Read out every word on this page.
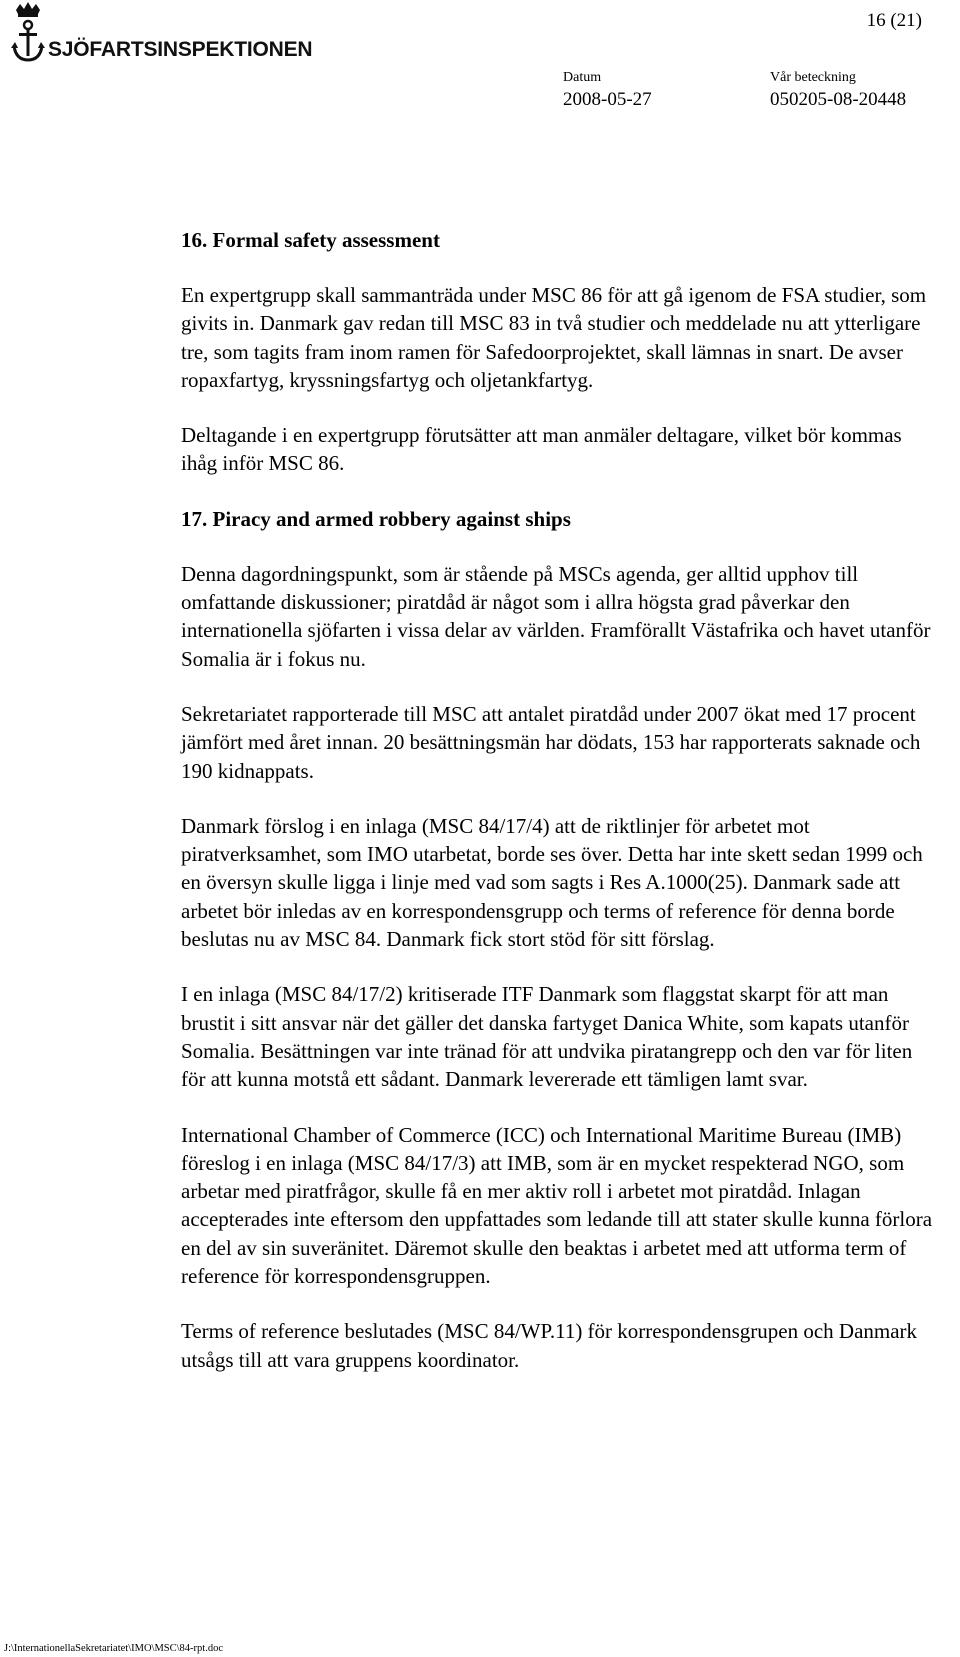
SJÖFARTSINSPEKTIONEN
16 (21)
Datum
2008-05-27
Vår beteckning
050205-08-20448
16. Formal safety assessment

En expertgrupp skall sammanträda under MSC 86 för att gå igenom de FSA studier, som givits in. Danmark gav redan till MSC 83 in två studier och meddelade nu att ytterligare tre, som tagits fram inom ramen för Safedoorprojektet, skall lämnas in snart. De avser ropaxfartyg, kryssningsfartyg och oljetankfartyg.

Deltagande i en expertgrupp förutsätter att man anmäler deltagare, vilket bör kommas ihåg inför MSC 86.

17. Piracy and armed robbery against ships

Denna dagordningspunkt, som är stående på MSCs agenda, ger alltid upphov till omfattande diskussioner; piratdåd är något som i allra högsta grad påverkar den internationella sjöfarten i vissa delar av världen. Framförallt Västafrika och havet utanför Somalia är i fokus nu.

Sekretariatet rapporterade till MSC att antalet piratdåd under 2007 ökat med 17 procent jämfört med året innan. 20 besättningsmän har dödats, 153 har rapporterats saknade och 190 kidnappats.

Danmark förslog i en inlaga (MSC 84/17/4) att de riktlinjer för arbetet mot piratverksamhet, som IMO utarbetat, borde ses över. Detta har inte skett sedan 1999 och en översyn skulle ligga i linje med vad som sagts i Res A.1000(25). Danmark sade att arbetet bör inledas av en korrespondensgrupp och terms of reference för denna borde beslutas nu av MSC 84. Danmark fick stort stöd för sitt förslag.

I en inlaga (MSC 84/17/2) kritiserade ITF Danmark som flaggstat skarpt för att man brustit i sitt ansvar när det gäller det danska fartyget Danica White, som kapats utanför Somalia. Besättningen var inte tränad för att undvika piratangrepp och den var för liten för att kunna motstå ett sådant. Danmark levererade ett tämligen lamt svar.

International Chamber of Commerce (ICC) och International Maritime Bureau (IMB) föreslog i en inlaga (MSC 84/17/3) att IMB, som är en mycket respekterad NGO, som arbetar med piratfrågor, skulle få en mer aktiv roll i arbetet mot piratdåd. Inlagan accepterades inte eftersom den uppfattades som ledande till att stater skulle kunna förlora en del av sin suveränitet. Däremot skulle den beaktas i arbetet med att utforma term of reference för korrespondensgruppen.

Terms of reference beslutades (MSC 84/WP.11) för korrespondensgrupen och Danmark utsågs till att vara gruppens koordinator.

J:\InternationellaSekretariatet\IMO\MSC\84-rpt.doc
